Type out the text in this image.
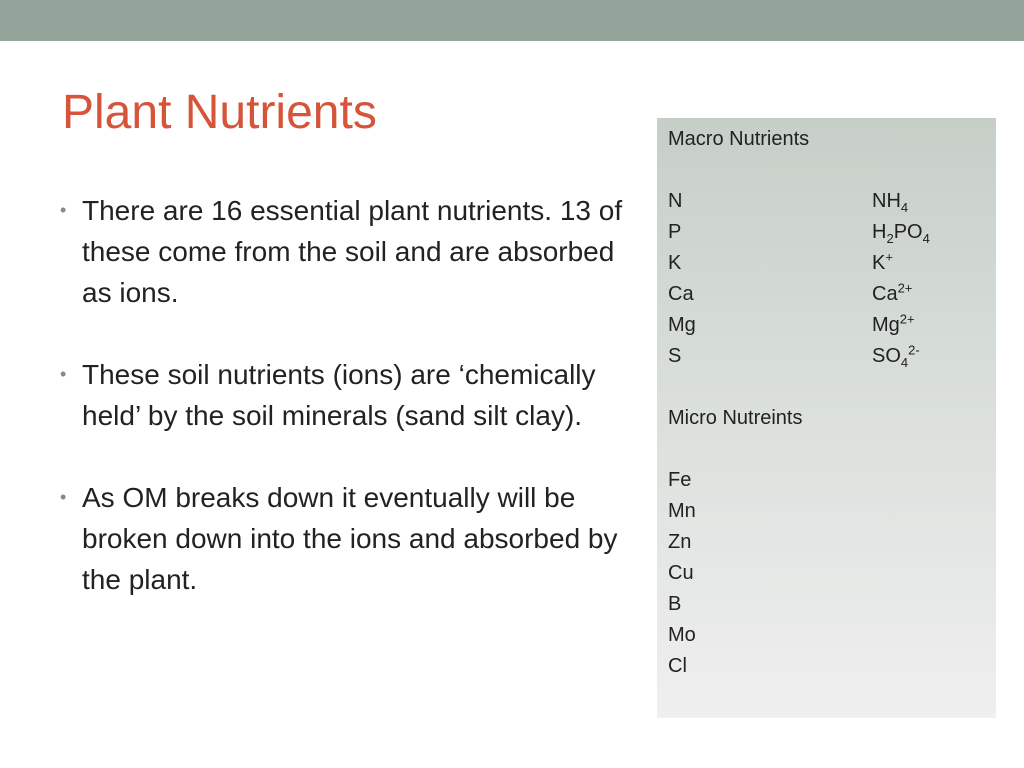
Plant Nutrients
• There are 16 essential plant nutrients. 13 of these come from the soil and are absorbed as ions.
• These soil nutrients (ions) are ‘chemically held’ by the soil minerals (sand silt clay).
• As OM breaks down it eventually will be broken down into the ions and absorbed by the plant.
Macro Nutrients
N	$NH_4$
P	$H_2PO_4$
K	K+
Ca	$Ca^{2+}$
Mg	$Mg^{2+}$
S	$SO_4^{2-}$
Micro Nutreints
Fe
Mn
Zn
Cu
B
Mo
Cl
